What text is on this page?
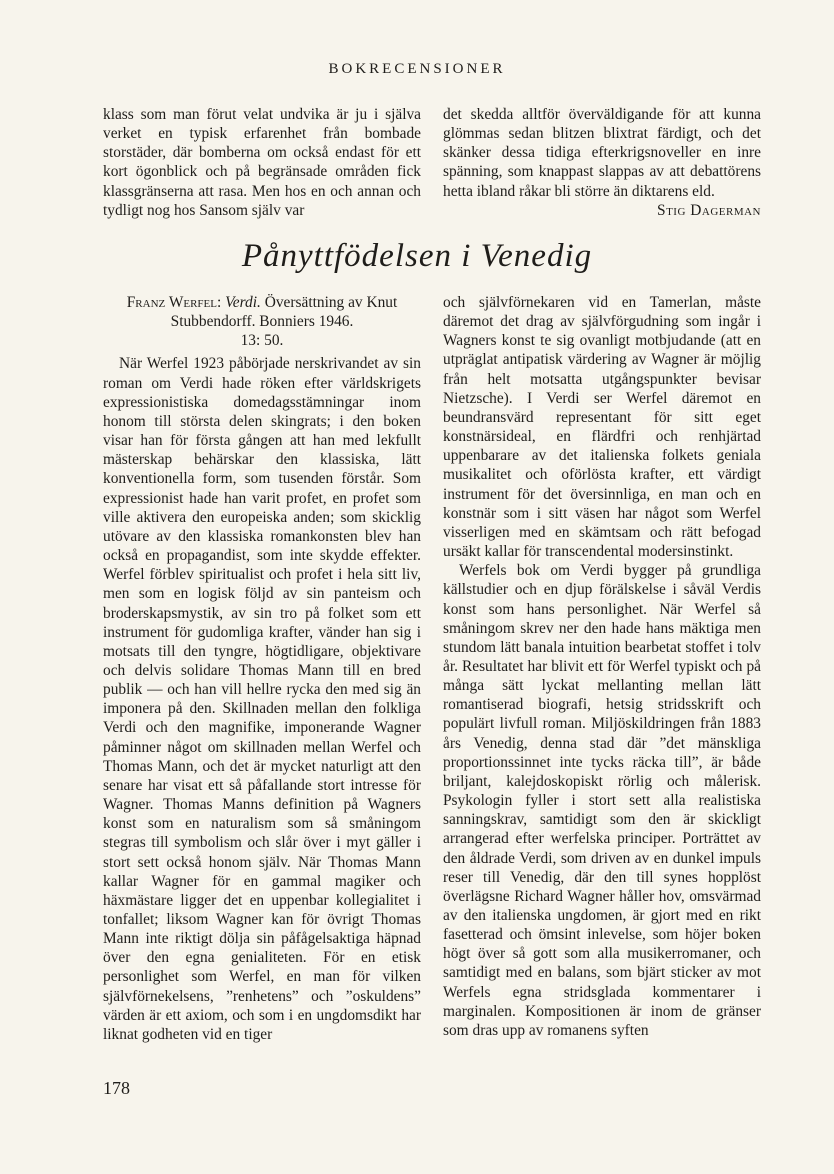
BOKRECENSIONER

klass som man förut velat undvika är ju i själva verket en typisk erfarenhet från bombade storstäder, där bomberna om också endast för ett kort ögonblick och på begränsade områden fick klassgränserna att rasa. Men hos en och annan och tydligt nog hos Sansom själv var

det skedda alltför överväldigande för att kunna glömmas sedan blitzen blixtrat färdigt, och det skänker dessa tidiga efterkrigsnoveller en inre spänning, som knappast slappas av att debattörens hetta ibland råkar bli större än diktarens eld.
Stig Dagerman

Pånyttfödelsen i Venedig

Franz Werfel: Verdi. Översättning av Knut Stubbendorff. Bonniers 1946.
13: 50.

När Werfel 1923 påbörjade nerskrivandet av sin roman om Verdi hade röken efter världskrigets expressionistiska domedagsstämningar inom honom till största delen skingrats; i den boken visar han för första gången att han med lekfullt mästerskap behärskar den klassiska, lätt konventionella form, som tusenden förstår. Som expressionist hade han varit profet, en profet som ville aktivera den europeiska anden; som skicklig utövare av den klassiska romankonsten blev han också en propagandist, som inte skydde effekter. Werfel förblev spiritualist och profet i hela sitt liv, men som en logisk följd av sin panteism och broderskapsmystik, av sin tro på folket som ett instrument för gudomliga krafter, vänder han sig i motsats till den tyngre, högtidligare, objektivare och delvis solidare Thomas Mann till en bred publik — och han vill hellre rycka den med sig än imponera på den. Skillnaden mellan den folkliga Verdi och den magnifike, imponerande Wagner påminner något om skillnaden mellan Werfel och Thomas Mann, och det är mycket naturligt att den senare har visat ett så påfallande stort intresse för Wagner. Thomas Manns definition på Wagners konst som en naturalism som så småningom stegras till symbolism och slår över i myt gäller i stort sett också honom själv. När Thomas Mann kallar Wagner för en gammal magiker och häxmästare ligger det en uppenbar kollegialitet i tonfallet; liksom Wagner kan för övrigt Thomas Mann inte riktigt dölja sin påfågelsaktiga häpnad över den egna genialiteten. För en etisk personlighet som Werfel, en man för vilken självförnekelsens, ”renhetens” och ”oskuldens” värden är ett axiom, och som i en ungdomsdikt har liknat godheten vid en tiger

och självförnekaren vid en Tamerlan, måste däremot det drag av självförgudning som ingår i Wagners konst te sig ovanligt motbjudande (att en utpräglat antipatisk värdering av Wagner är möjlig från helt motsatta utgångspunkter bevisar Nietzsche). I Verdi ser Werfel däremot en beundransvärd representant för sitt eget konstnärsideal, en flärdfri och renhjärtad uppenbarare av det italienska folkets geniala musikalitet och oförlösta krafter, ett värdigt instrument för det översinnliga, en man och en konstnär som i sitt väsen har något som Werfel visserligen med en skämtsam och rätt befogad ursäkt kallar för transcendental modersinstinkt.

Werfels bok om Verdi bygger på grundliga källstudier och en djup förälskelse i såväl Verdis konst som hans personlighet. När Werfel så småningom skrev ner den hade hans mäktiga men stundom lätt banala intuition bearbetat stoffet i tolv år. Resultatet har blivit ett för Werfel typiskt och på många sätt lyckat mellanting mellan lätt romantiserad biografi, hetsig stridsskrift och populärt livfull roman. Miljöskildringen från 1883 års Venedig, denna stad där ”det mänskliga proportionssinnet inte tycks räcka till”, är både briljant, kalejdoskopiskt rörlig och målerisk. Psykologin fyller i stort sett alla realistiska sanningskrav, samtidigt som den är skickligt arrangerad efter werfelska principer. Porträttet av den åldrade Verdi, som driven av en dunkel impuls reser till Venedig, där den till synes hopplöst överlägsne Richard Wagner håller hov, omsvärmad av den italienska ungdomen, är gjort med en rikt fasetterad och ömsint inlevelse, som höjer boken högt över så gott som alla musikerromaner, och samtidigt med en balans, som bjärt sticker av mot Werfels egna stridsglada kommentarer i marginalen. Kompositionen är inom de gränser som dras upp av romanens syften

178
